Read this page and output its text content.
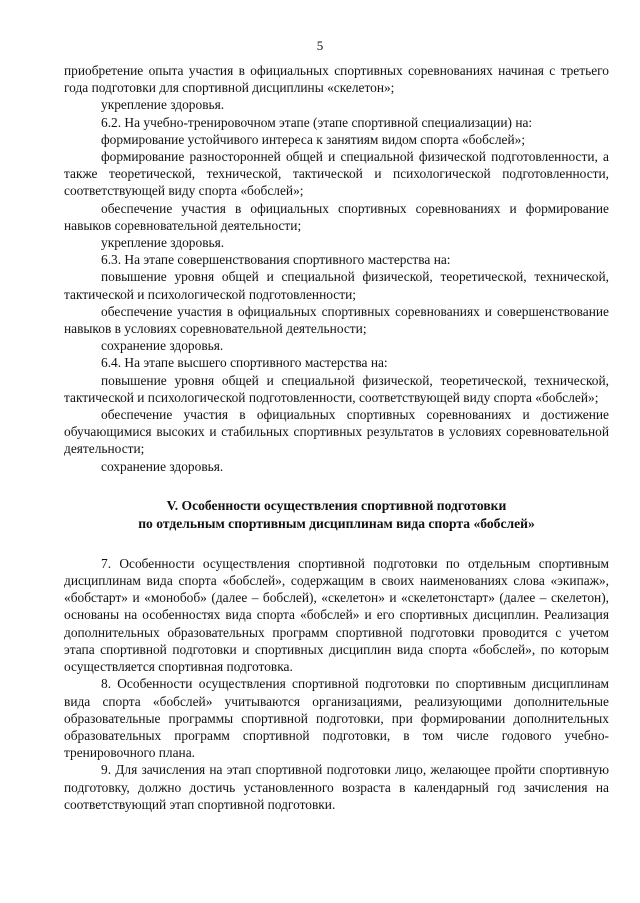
5

приобретение опыта участия в официальных спортивных соревнованиях начиная с третьего года подготовки для спортивной дисциплины «скелетон»;

укрепление здоровья.

6.2. На учебно-тренировочном этапе (этапе спортивной специализации) на:

формирование устойчивого интереса к занятиям видом спорта «бобслей»;

формирование разносторонней общей и специальной физической подготовленности, а также теоретической, технической, тактической и психологической подготовленности, соответствующей виду спорта «бобслей»;

обеспечение участия в официальных спортивных соревнованиях и формирование навыков соревновательной деятельности;

укрепление здоровья.

6.3. На этапе совершенствования спортивного мастерства на:

повышение уровня общей и специальной физической, теоретической, технической, тактической и психологической подготовленности;

обеспечение участия в официальных спортивных соревнованиях и совершенствование навыков в условиях соревновательной деятельности;

сохранение здоровья.

6.4. На этапе высшего спортивного мастерства на:

повышение уровня общей и специальной физической, теоретической, технической, тактической и психологической подготовленности, соответствующей виду спорта «бобслей»;

обеспечение участия в официальных спортивных соревнованиях и достижение обучающимися высоких и стабильных спортивных результатов в условиях соревновательной деятельности;

сохранение здоровья.

V. Особенности осуществления спортивной подготовки

по отдельным спортивным дисциплинам вида спорта «бобслей»

7. Особенности осуществления спортивной подготовки по отдельным спортивным дисциплинам вида спорта «бобслей», содержащим в своих наименованиях слова «экипаж», «бобстарт» и «монобоб» (далее – бобслей), «скелетон» и «скелетонстарт» (далее – скелетон), основаны на особенностях вида спорта «бобслей» и его спортивных дисциплин. Реализация дополнительных образовательных программ спортивной подготовки проводится с учетом этапа спортивной подготовки и спортивных дисциплин вида спорта «бобслей», по которым осуществляется спортивная подготовка.

8. Особенности осуществления спортивной подготовки по спортивным дисциплинам вида спорта «бобслей» учитываются организациями, реализующими дополнительные образовательные программы спортивной подготовки, при формировании дополнительных образовательных программ спортивной подготовки, в том числе годового учебно-тренировочного плана.

9. Для зачисления на этап спортивной подготовки лицо, желающее пройти спортивную подготовку, должно достичь установленного возраста в календарный год зачисления на соответствующий этап спортивной подготовки.
